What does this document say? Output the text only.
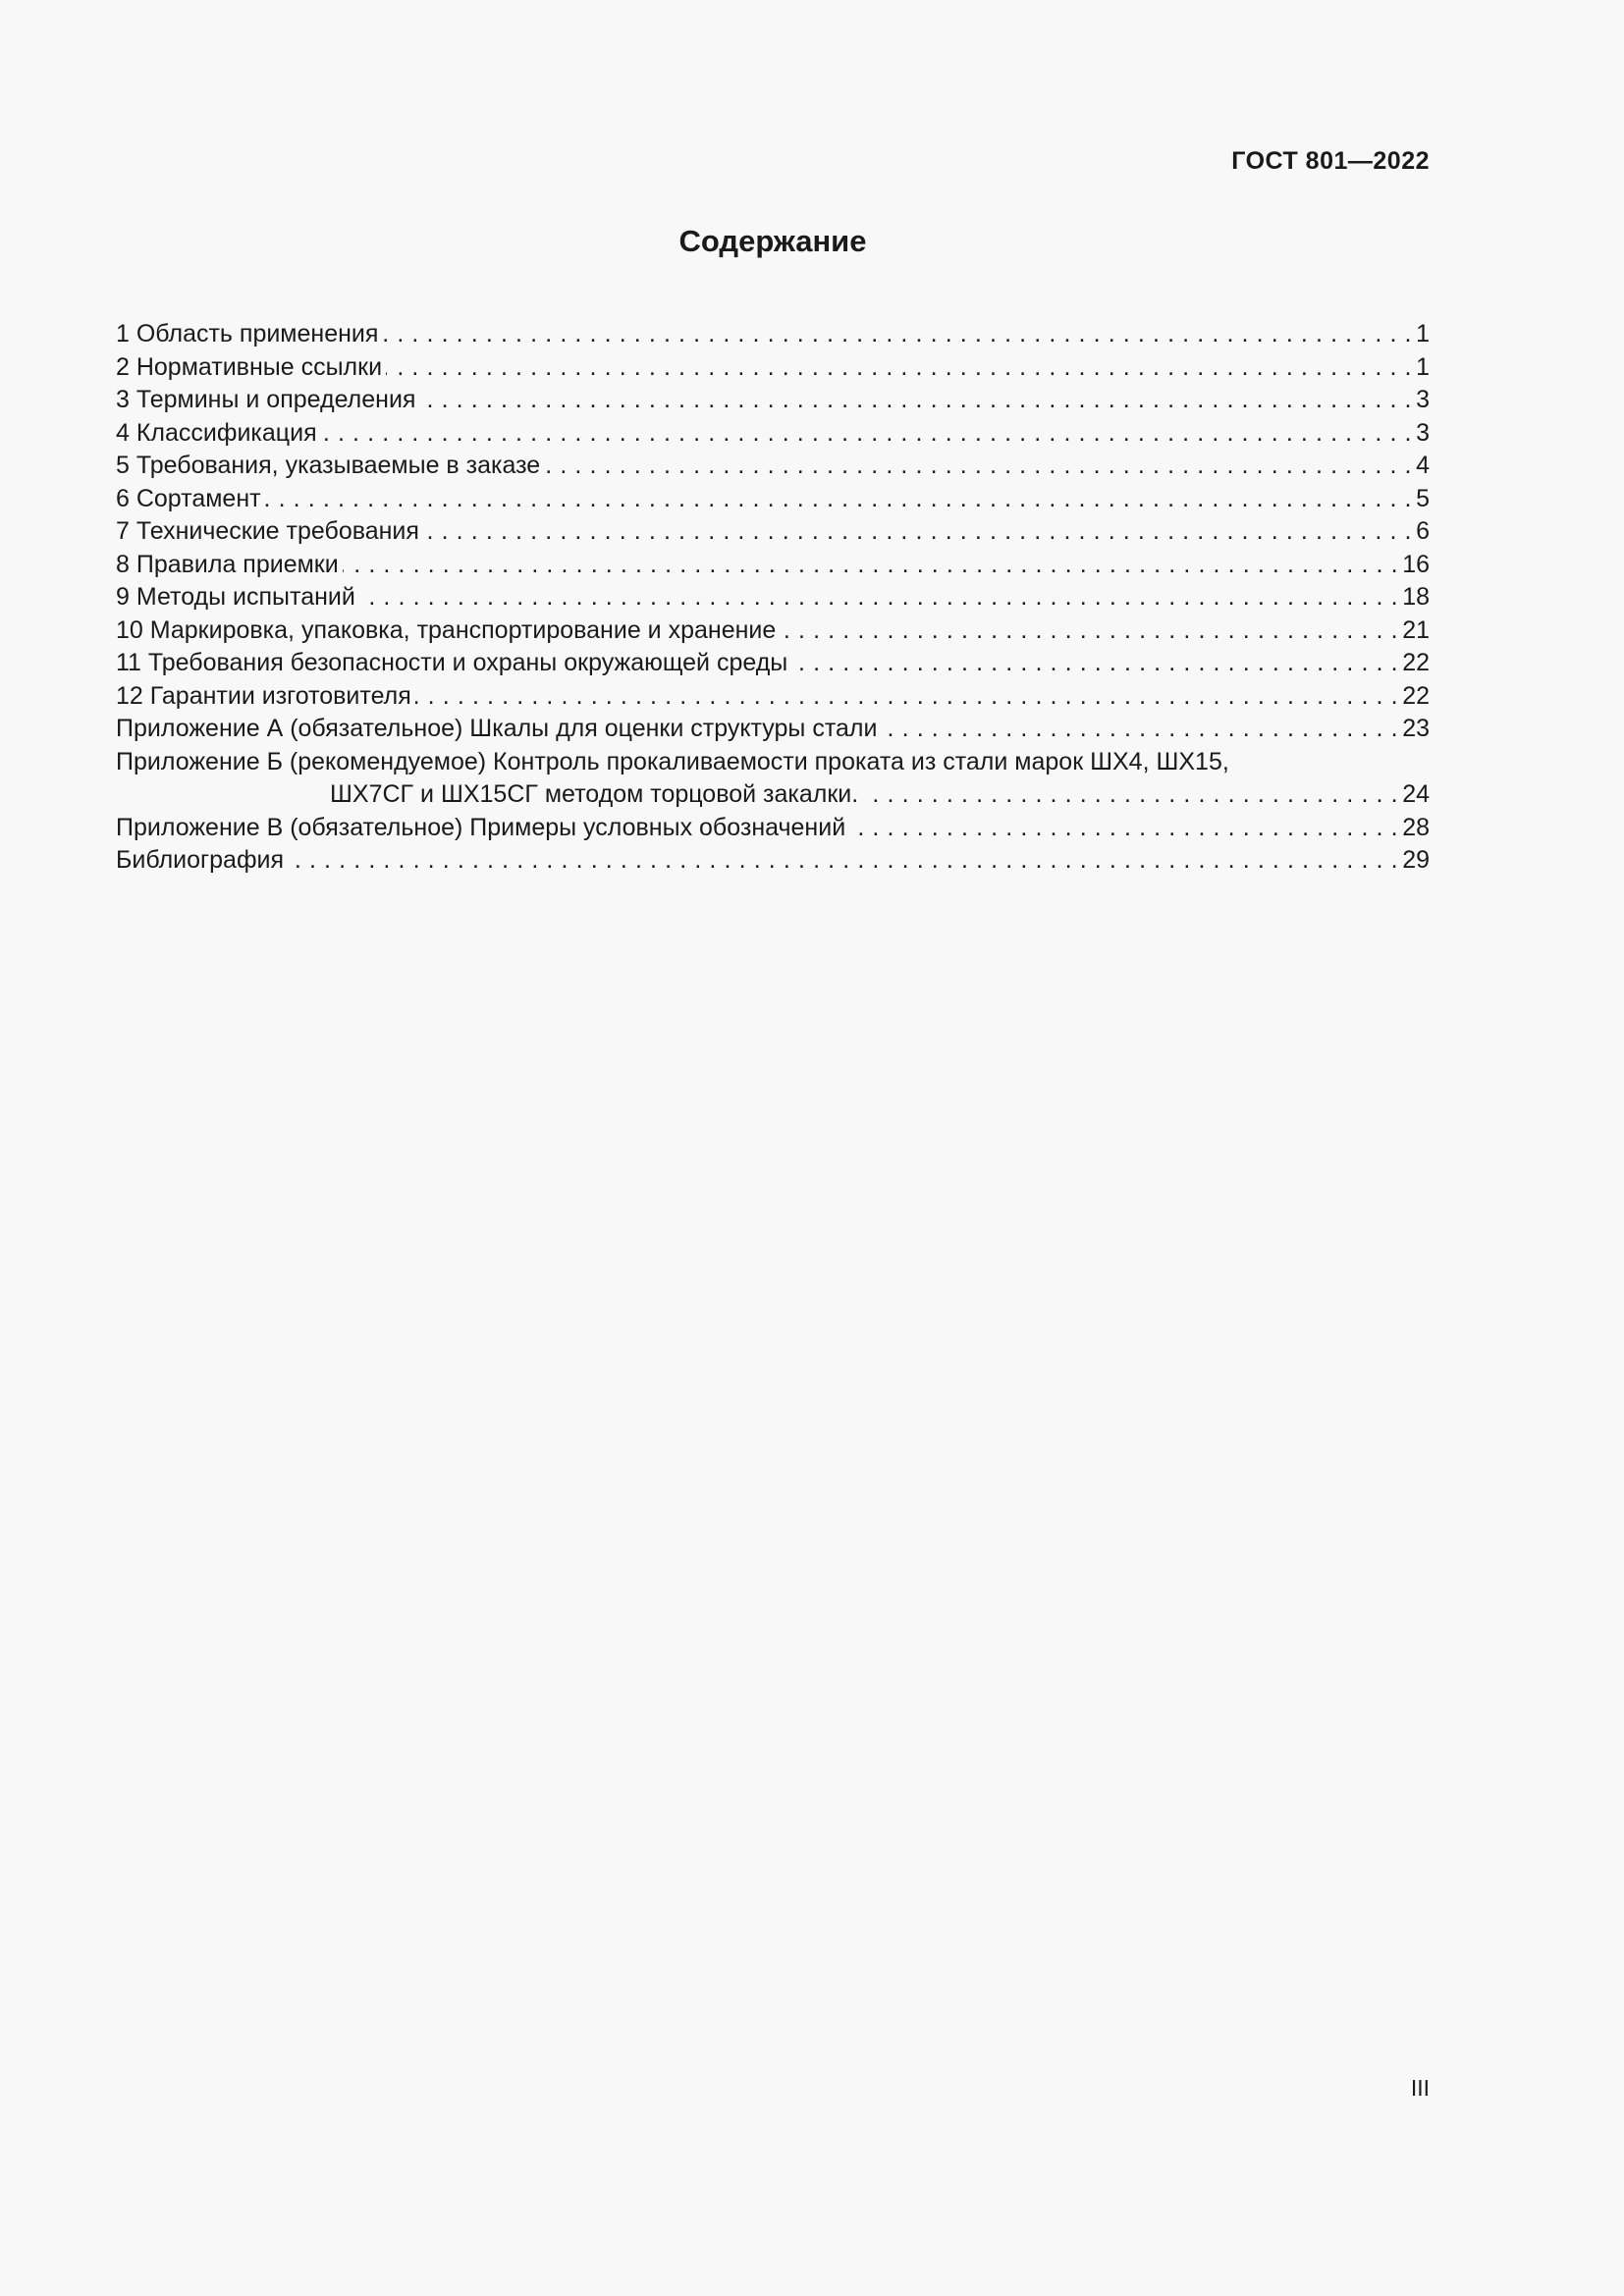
ГОСТ 801—2022
Содержание
1 Область применения . . .	1
2 Нормативные ссылки . . .	1
3 Термины и определения . . .	3
4 Классификация . . .	3
5 Требования, указываемые в заказе . . .	4
6 Сортамент . . .	5
7 Технические требования . . .	6
8 Правила приемки . . .	16
9 Методы испытаний . . .	18
10 Маркировка, упаковка, транспортирование и хранение . . .	21
11 Требования безопасности и охраны окружающей среды . . .	22
12 Гарантии изготовителя . . .	22
Приложение А (обязательное) Шкалы для оценки структуры стали . . .	23
Приложение Б (рекомендуемое) Контроль прокаливаемости проката из стали марок ШХ4, ШХ15,
ШХ7СГ и ШХ15СГ методом торцовой закалки. . . .	24
Приложение В (обязательное) Примеры условных обозначений . . .	28
Библиография . . .	29
III
